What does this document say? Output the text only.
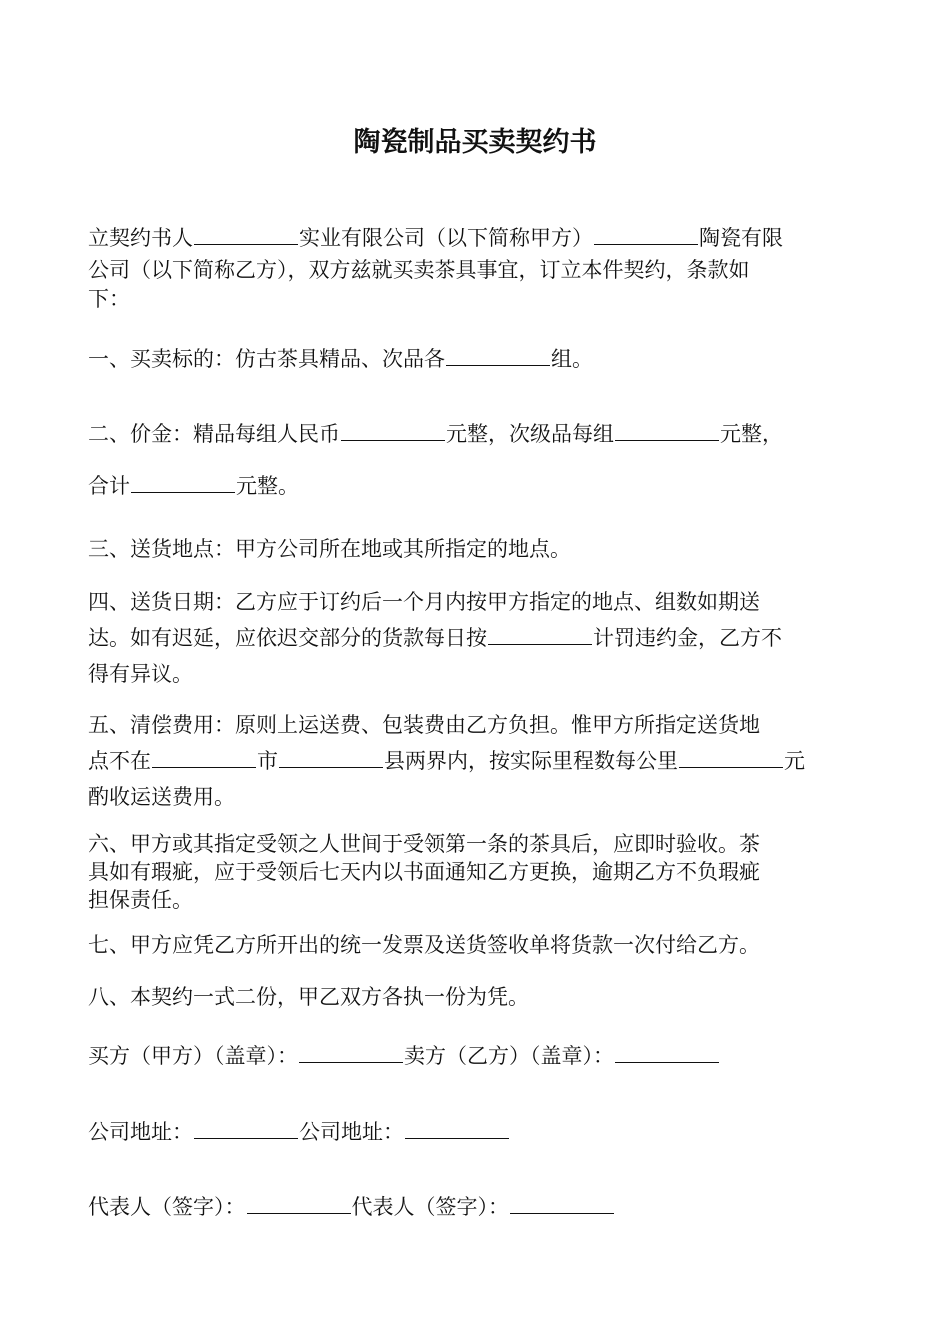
陶瓷制品买卖契约书
立契约书人	实业有限公司（以下简称甲方）	陶瓷有限
公司（以下简称乙方），双方兹就买卖茶具事宜，订立本件契约，条款如
下：
一、买卖标的：仿古茶具精品、次品各	组。
二、价金：精品每组人民币	元整，次级品每组	元整，
合计	元整。
三、送货地点：甲方公司所在地或其所指定的地点。
四、送货日期：乙方应于订约后一个月内按甲方指定的地点、组数如期送
达。如有迟延，应依迟交部分的货款每日按	计罚违约金，乙方不
得有异议。
五、清偿费用：原则上运送费、包装费由乙方负担。惟甲方所指定送货地
点不在	市	县两界内，按实际里程数每公里	元
酌收运送费用。
六、甲方或其指定受领之人世间于受领第一条的茶具后，应即时验收。茶
具如有瑕疵，应于受领后七天内以书面通知乙方更换，逾期乙方不负瑕疵
担保责任。
七、甲方应凭乙方所开出的统一发票及送货签收单将货款一次付给乙方。
八、本契约一式二份，甲乙双方各执一份为凭。
买方（甲方）（盖章）：	卖方（乙方）（盖章）：
公司地址：	公司地址：
代表人（签字）：	代表人（签字）：
